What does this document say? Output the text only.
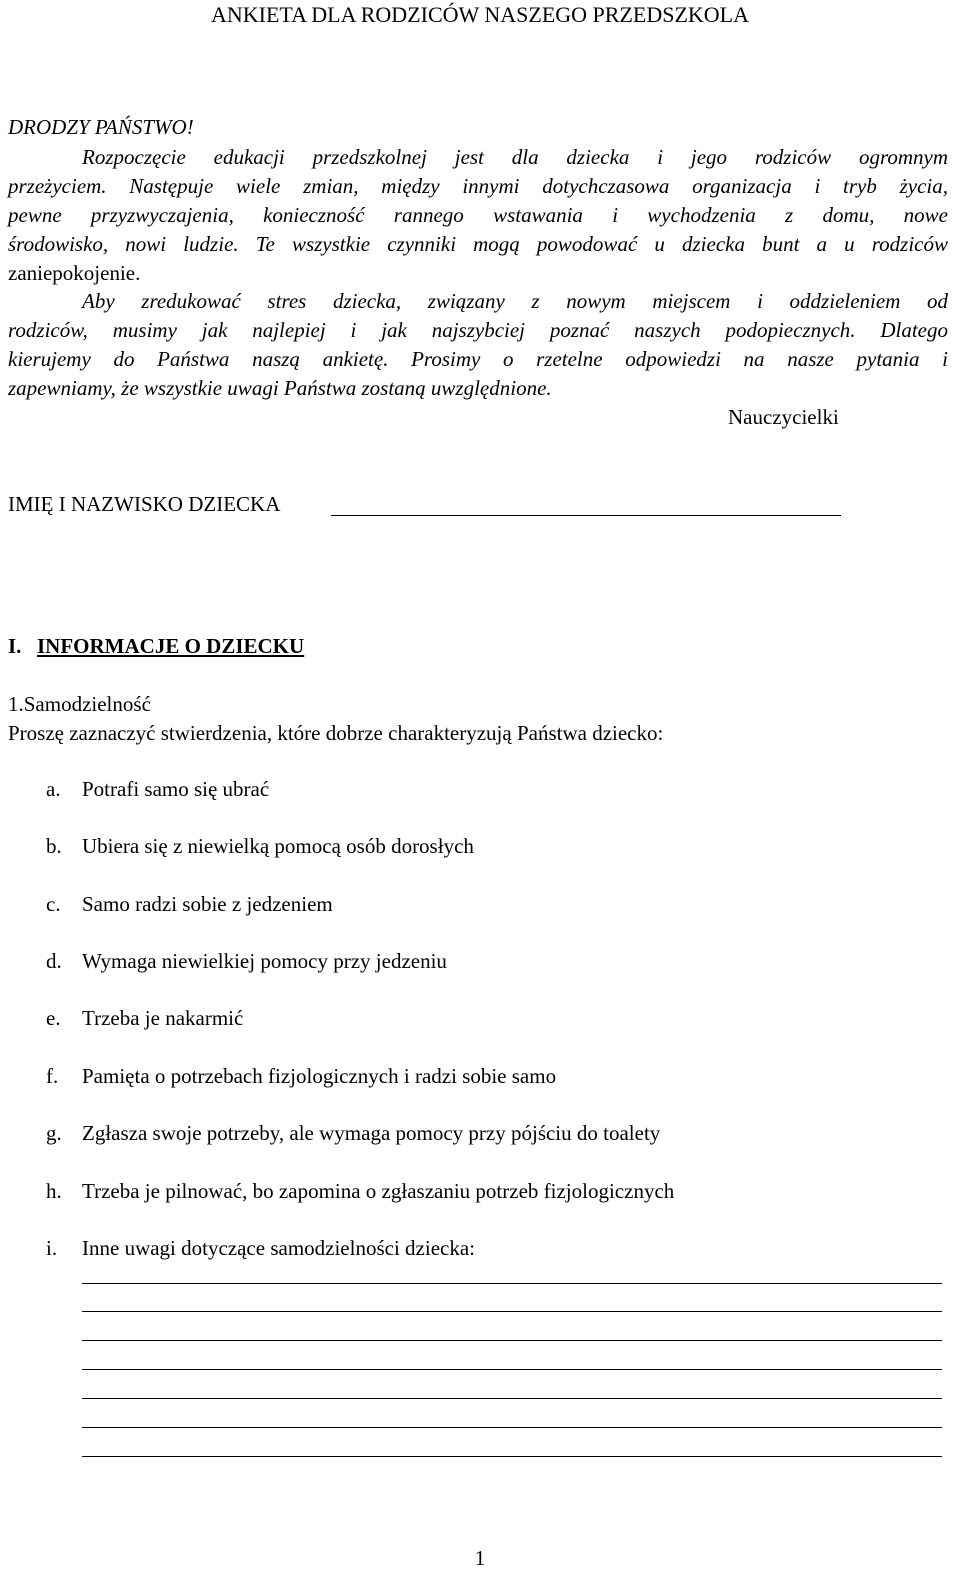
ANKIETA DLA RODZICÓW NASZEGO PRZEDSZKOLA
DRODZY PAŃSTWO!
Rozpoczęcie edukacji przedszkolnej jest dla dziecka i jego rodziców ogromnym
przeżyciem. Następuje wiele zmian, między innymi dotychczasowa organizacja i tryb życia,
pewne przyzwyczajenia, konieczność rannego wstawania i wychodzenia z domu, nowe
środowisko, nowi ludzie. Te wszystkie czynniki mogą powodować u dziecka bunt a u rodziców
zaniepokojenie.
Aby zredukować stres dziecka, związany z nowym miejscem i oddzieleniem od
rodziców, musimy jak najlepiej i jak najszybciej poznać naszych podopiecznych. Dlatego
kierujemy do Państwa naszą ankietę. Prosimy o rzetelne odpowiedzi na nasze pytania i
zapewniamy, że wszystkie uwagi Państwa zostaną uwzględnione.
Nauczycielki
IMIĘ I NAZWISKO DZIECKA
I. INFORMACJE O DZIECKU
1.Samodzielność
Proszę zaznaczyć stwierdzenia, które dobrze charakteryzują Państwa dziecko:
a.	Potrafi samo się ubrać
b. Ubiera się z niewielką pomocą osób dorosłych
c.	Samo radzi sobie z jedzeniem
d. Wymaga niewielkiej pomocy przy jedzeniu
e.	Trzeba je nakarmić
f.	Pamięta o potrzebach fizjologicznych i radzi sobie samo
g. Zgłasza swoje potrzeby, ale wymaga pomocy przy pójściu do toalety
h. Trzeba je pilnować, bo zapomina o zgłaszaniu potrzeb fizjologicznych
i.	Inne uwagi dotyczące samodzielności dziecka:
1
